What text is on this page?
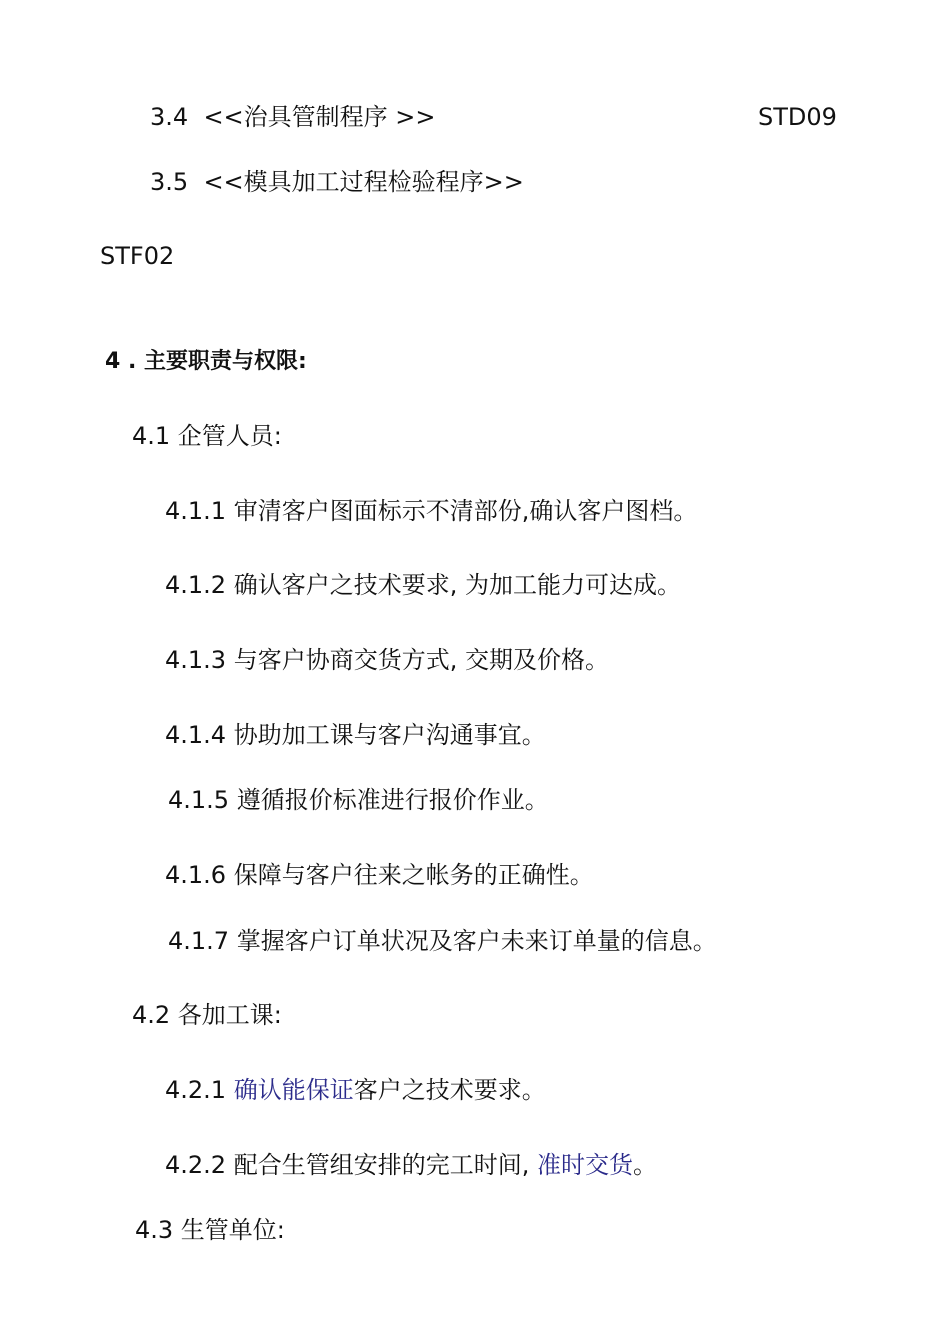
3.4 <<治具管制程序 >>	STD09
3.5 <<模具加工过程检验程序>>
STF02
4 . 主要职责与权限:
4.1 企管人员:
4.1.1 审清客户图面标示不清部份,确认客户图档。
4.1.2 确认客户之技术要求, 为加工能力可达成。
4.1.3 与客户协商交货方式, 交期及价格。
4.1.4 协助加工课与客户沟通事宜。
4.1.5 遵循报价标准进行报价作业。
4.1.6 保障与客户往来之帐务的正确性。
4.1.7 掌握客户订单状况及客户未来订单量的信息。
4.2 各加工课:
4.2.1 确认能保证客户之技术要求。
4.2.2 配合生管组安排的完工时间, 准时交货。
4.3 生管单位:
